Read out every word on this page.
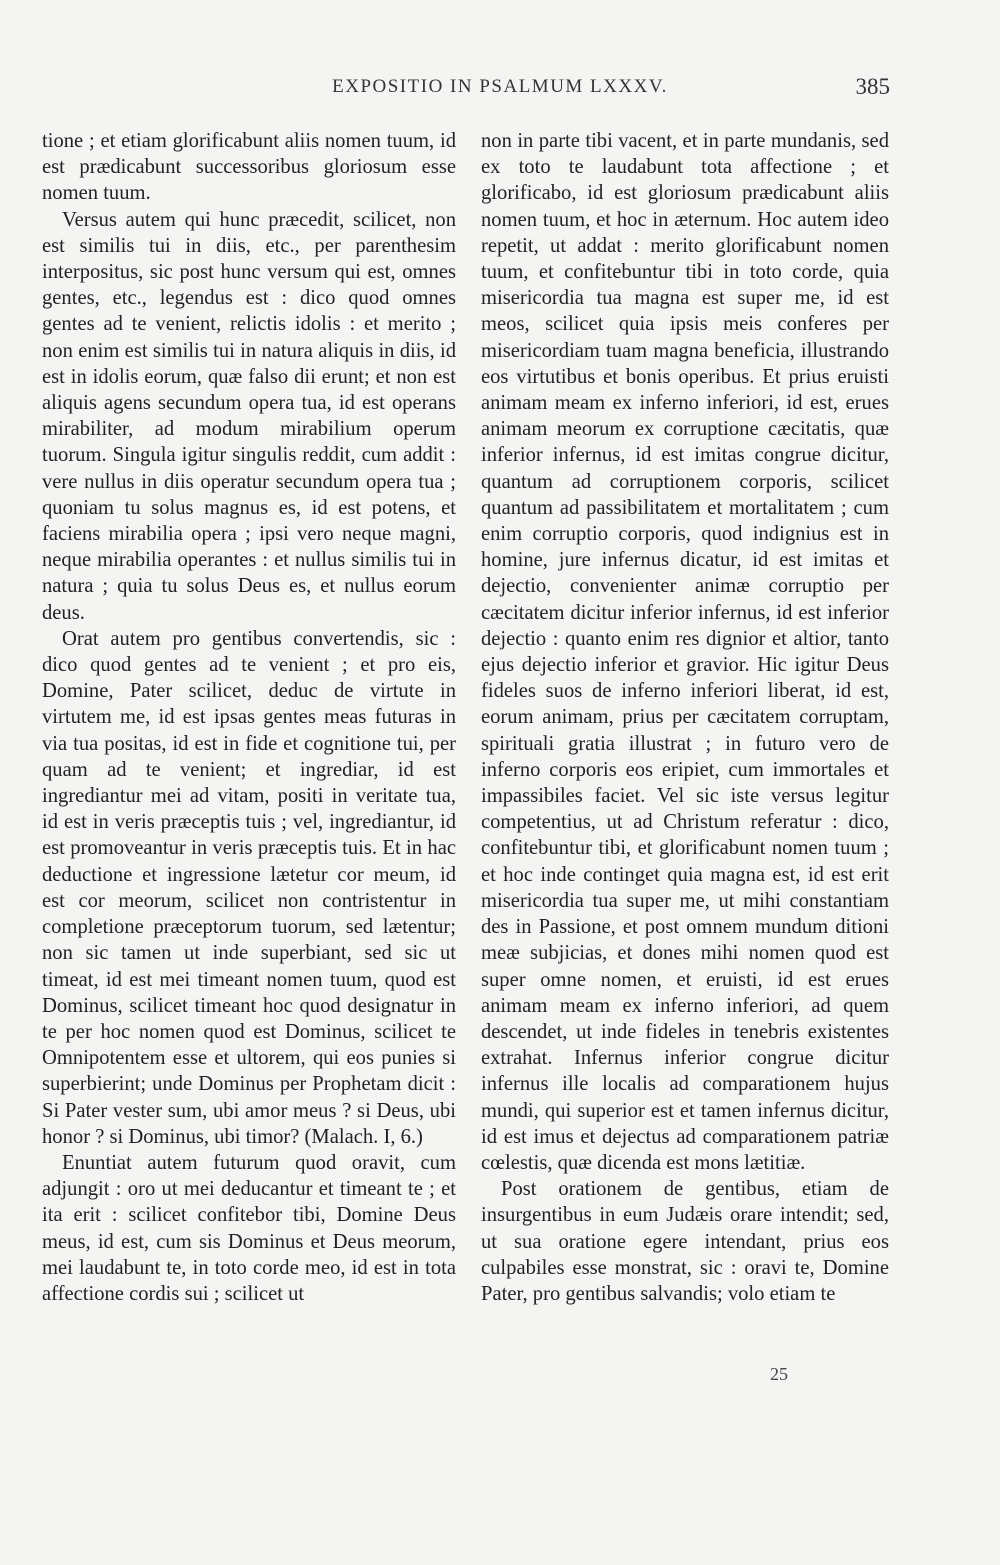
EXPOSITIO IN PSALMUM LXXXV.	385

tione ; et etiam glorificabunt aliis nomen tuum, id est prædicabunt successoribus gloriosum esse nomen tuum.

Versus autem qui hunc præcedit, scilicet, non est similis tui in diis, etc., per parenthesim interpositus, sic post hunc versum qui est, omnes gentes, etc., legendus est : dico quod omnes gentes ad te venient, relictis idolis : et merito ; non enim est similis tui in natura aliquis in diis, id est in idolis eorum, quæ falso dii erunt; et non est aliquis agens secundum opera tua, id est operans mirabiliter, ad modum mirabilium operum tuorum. Singula igitur singulis reddit, cum addit : vere nullus in diis operatur secundum opera tua ; quoniam tu solus magnus es, id est potens, et faciens mirabilia opera ; ipsi vero neque magni, neque mirabilia operantes : et nullus similis tui in natura ; quia tu solus Deus es, et nullus eorum deus.

Orat autem pro gentibus convertendis, sic : dico quod gentes ad te venient ; et pro eis, Domine, Pater scilicet, deduc de virtute in virtutem me, id est ipsas gentes meas futuras in via tua positas, id est in fide et cognitione tui, per quam ad te venient; et ingrediar, id est ingrediantur mei ad vitam, positi in veritate tua, id est in veris præceptis tuis ; vel, ingrediantur, id est promoveantur in veris præceptis tuis. Et in hac deductione et ingressione lætetur cor meum, id est cor meorum, scilicet non contristentur in completione præceptorum tuorum, sed lætentur; non sic tamen ut inde superbiant, sed sic ut timeat, id est mei timeant nomen tuum, quod est Dominus, scilicet timeant hoc quod designatur in te per hoc nomen quod est Dominus, scilicet te Omnipotentem esse et ultorem, qui eos punies si superbierint; unde Dominus per Prophetam dicit : Si Pater vester sum, ubi amor meus ? si Deus, ubi honor ? si Dominus, ubi timor? (Malach. I, 6.)

Enuntiat autem futurum quod oravit, cum adjungit : oro ut mei deducantur et timeant te ; et ita erit : scilicet confitebor tibi, Domine Deus meus, id est, cum sis Dominus et Deus meorum, mei laudabunt te, in toto corde meo, id est in tota affectione cordis sui ; scilicet ut

non in parte tibi vacent, et in parte mundanis, sed ex toto te laudabunt tota affectione ; et glorificabo, id est gloriosum prædicabunt aliis nomen tuum, et hoc in æternum. Hoc autem ideo repetit, ut addat : merito glorificabunt nomen tuum, et confitebuntur tibi in toto corde, quia misericordia tua magna est super me, id est meos, scilicet quia ipsis meis conferes per misericordiam tuam magna beneficia, illustrando eos virtutibus et bonis operibus. Et prius eruisti animam meam ex inferno inferiori, id est, erues animam meorum ex corruptione cæcitatis, quæ inferior infernus, id est imitas congrue dicitur, quantum ad corruptionem corporis, scilicet quantum ad passibilitatem et mortalitatem ; cum enim corruptio corporis, quod indignius est in homine, jure infernus dicatur, id est imitas et dejectio, convenienter animæ corruptio per cæcitatem dicitur inferior infernus, id est inferior dejectio : quanto enim res dignior et altior, tanto ejus dejectio inferior et gravior. Hic igitur Deus fideles suos de inferno inferiori liberat, id est, eorum animam, prius per cæcitatem corruptam, spirituali gratia illustrat ; in futuro vero de inferno corporis eos eripiet, cum immortales et impassibiles faciet. Vel sic iste versus legitur competentius, ut ad Christum referatur : dico, confitebuntur tibi, et glorificabunt nomen tuum ; et hoc inde continget quia magna est, id est erit misericordia tua super me, ut mihi constantiam des in Passione, et post omnem mundum ditioni meæ subjicias, et dones mihi nomen quod est super omne nomen, et eruisti, id est erues animam meam ex inferno inferiori, ad quem descendet, ut inde fideles in tenebris existentes extrahat. Infernus inferior congrue dicitur infernus ille localis ad comparationem hujus mundi, qui superior est et tamen infernus dicitur, id est imus et dejectus ad comparationem patriæ cœlestis, quæ dicenda est mons lætitiæ.

Post orationem de gentibus, etiam de insurgentibus in eum Judæis orare intendit; sed, ut sua oratione egere intendant, prius eos culpabiles esse monstrat, sic : oravi te, Domine Pater, pro gentibus salvandis; volo etiam te

25
